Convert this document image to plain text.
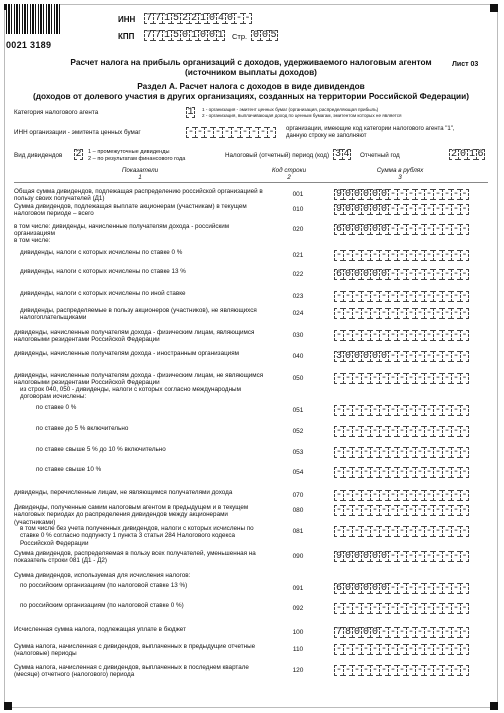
0021 3189
ИНН 7 7 1 5 2 2 1 0 4 0 - -
КПП 7 7 1 5 0 1 0 0 1 Стр. 0 0 5
Расчет налога на прибыль организаций с доходов, удерживаемого налоговым агентом
(источником выплаты доходов)
Лист 03
Раздел А. Расчет налога с доходов в виде дивидендов
(доходов от долевого участия в других организациях, созданных на территории Российской Федерации)
Категория налогового агента	1	1 - организация - эмитент ценных бумаг (организация, распределяющая прибыль)
2 - организация, выплачивающая доход по ценным бумагам, эмитентом которых не является
ИНН организации - эмитента ценных бумаг	- - - - - - - - - - организации, имеющие код категории налогового агента "1",
данную строку не заполняют
Вид дивидендов 2 1 – промежуточные дивиденды
2 – по результатам финансового года	Налоговый (отчетный) период (код) 3 4 Отчетный год	2 0 1 6
Показатели
1
Код строки
2
Сумма в рублях
3
Общая сумма дивидендов, подлежащая распределению российской организацией в пользу своих получателей (Д1)
001	9 0 0 0 0 0 - - - - - - - - -
Сумма дивидендов, подлежащая выплате акционерам (участникам) в текущем налоговом периоде – всего
010	9 0 0 0 0 0 - - - - - - - - -
в том числе: дивиденды, начисленные получателям дохода - российским организациям
020	6 0 0 0 0 0 - - - - - - - - -
в том числе:
дивиденды, налоги с которых исчислены по ставке 0 %	021	- - - - - - - - - - - - - - -
дивиденды, налоги с которых исчислены по ставке 13 %	022	6 0 0 0 0 0 - - - - - - - - -
дивиденды, налоги с которых исчислены по иной ставке	023	- - - - - - - - - - - - - - -
дивиденды, распределяемые в пользу акционеров (участников), не являющихся налогоплательщиками
024	- - - - - - - - - - - - - - -
дивиденды, начисленные получателям дохода - физическим лицам, являющимся налоговыми резидентами Российской Федерации
030	- - - - - - - - - - - - - - -
дивиденды, начисленные получателям дохода - иностранным организациям	040	3 0 0 0 0 0 - - - - - - - - -
дивиденды, начисленные получателям дохода - физическим лицам, не являющимся налоговыми резидентами Российской Федерации
050	- - - - - - - - - - - - - - -
из строк 040, 050 - дивиденды, налоги с которых согласно международным договорам исчислены:
по ставке 0 %	051	- - - - - - - - - - - - - - -
по ставке до 5 % включительно	052	- - - - - - - - - - - - - - -
по ставке свыше 5 % до 10 % включительно	053	- - - - - - - - - - - - - - -
по ставке свыше 10 %	054	- - - - - - - - - - - - - - -
дивиденды, перечисленные лицам, не являющимся получателями дохода	070	- - - - - - - - - - - - - - -
Дивиденды, полученные самим налоговым агентом в предыдущем и в текущем налоговых периодах до распределения дивидендов между акционерами (участниками)
080	- - - - - - - - - - - - - - -
в том числе без учета полученных дивидендов, налоги с которых исчислены по ставке 0 % согласно подпункту 1 пункта 3 статьи 284 Налогового кодекса Российской Федерации
081	- - - - - - - - - - - - - - -
Сумма дивидендов, распределяемая в пользу всех получателей, уменьшенная на показатель строки 081 (Д1 - Д2)
090	9 0 0 0 0 0 - - - - - - - - -
Сумма дивидендов, используемая для исчисления налогов:
по российским организациям (по налоговой ставке 13 %)	091	6 0 0 0 0 0 - - - - - - - - -
по российским организациям (по налоговой ставке 0 %)	092	- - - - - - - - - - - - - - -
Исчисленная сумма налога, подлежащая уплате в бюджет	100	7 8 0 0 0 - - - - - - - - - -
Сумма налога, начисленная с дивидендов, выплаченных в предыдущие отчетные (налоговые) периоды
110	- - - - - - - - - - - - - - -
Сумма налога, начисленная с дивидендов, выплаченных в последнем квартале (месяце) отчетного (налогового) периода
120	- - - - - - - - - - - - - - -
